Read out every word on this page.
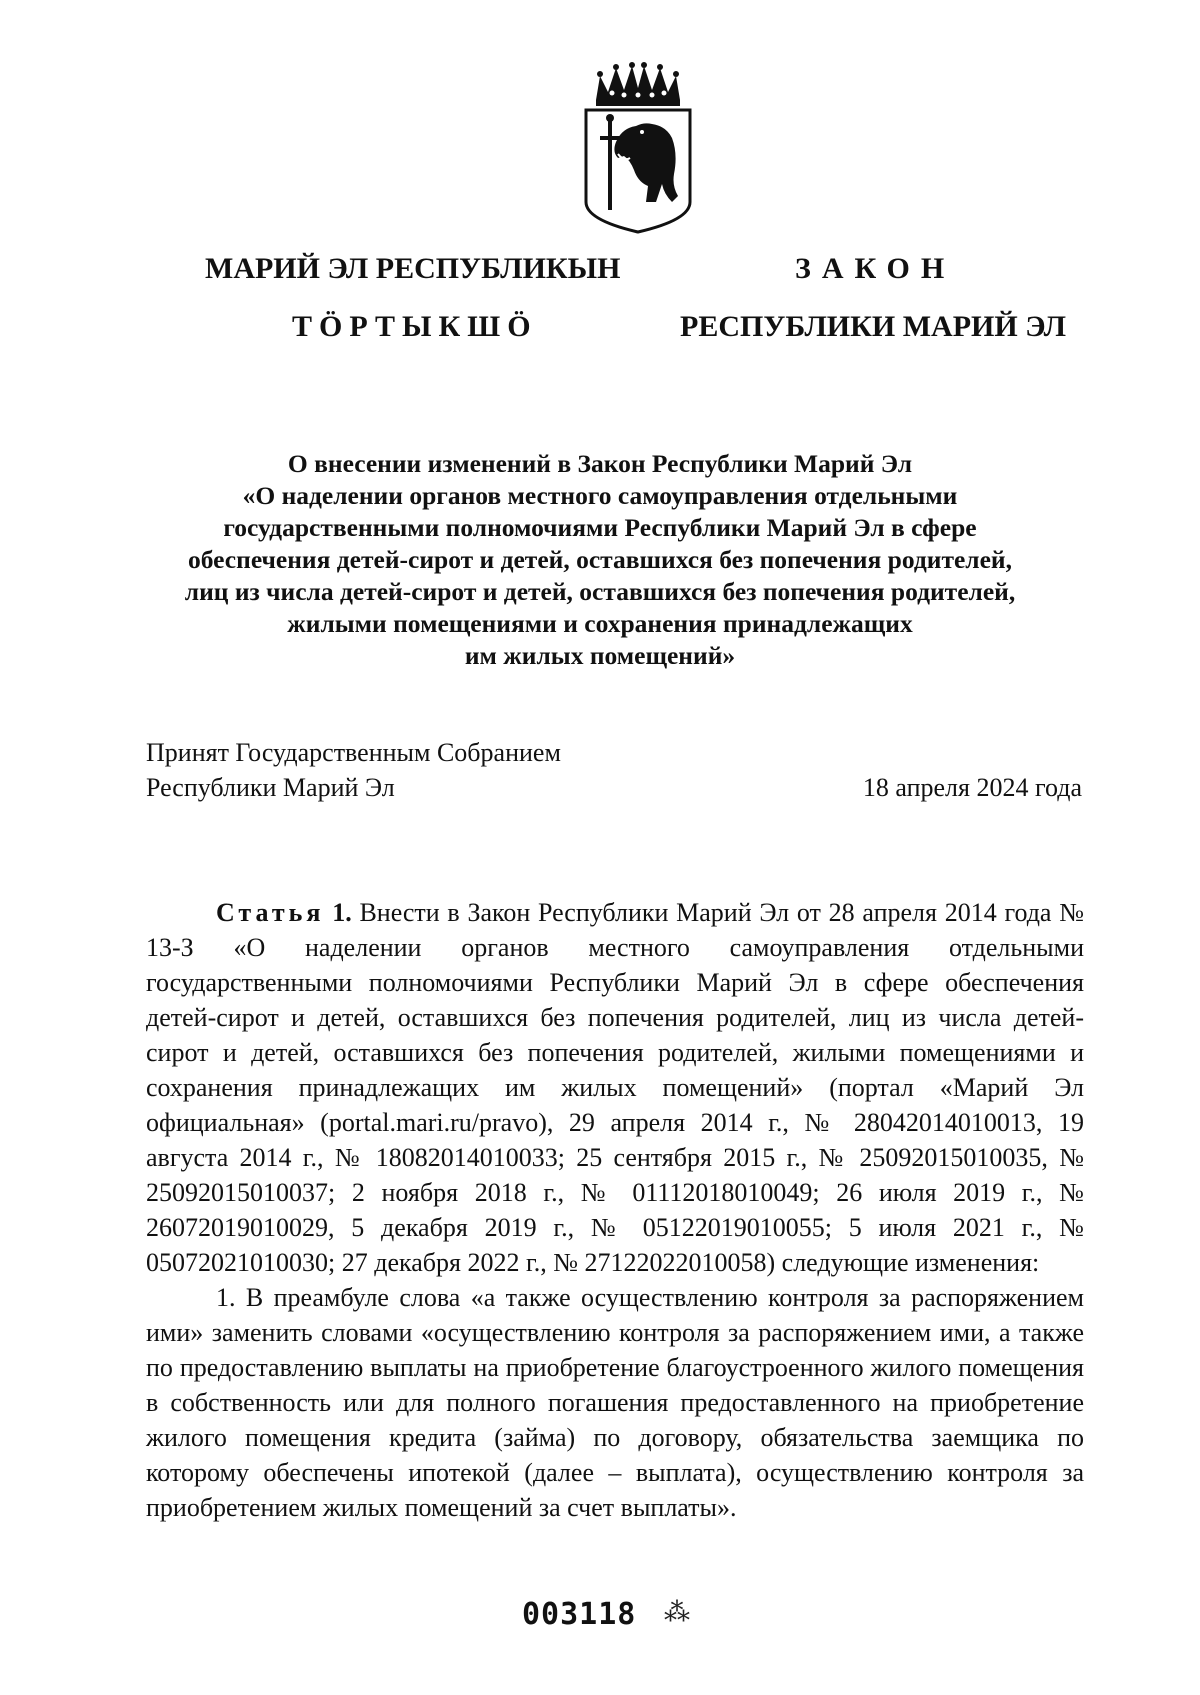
МАРИЙ ЭЛ РЕСПУБЛИКЫН
ТӦРТЫКШӦ
ЗАКОН
РЕСПУБЛИКИ МАРИЙ ЭЛ
О внесении изменений в Закон Республики Марий Эл
«О наделении органов местного самоуправления отдельными
государственными полномочиями Республики Марий Эл в сфере
обеспечения детей-сирот и детей, оставшихся без попечения родителей,
лиц из числа детей-сирот и детей, оставшихся без попечения родителей,
жилыми помещениями и сохранения принадлежащих
им жилых помещений»
Принят Государственным Собранием
Республики Марий Эл	18 апреля 2024 года

Статья 1. Внести в Закон Республики Марий Эл от 28 апреля 2014 года № 13-З «О наделении органов местного самоуправления отдельными государственными полномочиями Республики Марий Эл в сфере обеспечения детей-сирот и детей, оставшихся без попечения родителей, лиц из числа детей-сирот и детей, оставшихся без попечения родителей, жилыми помещениями и сохранения принадлежащих им жилых помещений» (портал «Марий Эл официальная» (portal.mari.ru/pravo), 29 апреля 2014 г., № 28042014010013, 19 августа 2014 г., № 18082014010033; 25 сентября 2015 г., № 25092015010035, № 25092015010037; 2 ноября 2018 г., № 01112018010049; 26 июля 2019 г., № 26072019010029, 5 декабря 2019 г., № 05122019010055; 5 июля 2021 г., № 05072021010030; 27 декабря 2022 г., № 27122022010058) следующие изменения:

1. В преамбуле слова «а также осуществлению контроля за распоряжением ими» заменить словами «осуществлению контроля за распоряжением ими, а также по предоставлению выплаты на приобретение благоустроенного жилого помещения в собственность или для полного погашения предоставленного на приобретение жилого помещения кредита (займа) по договору, обязательства заемщика по которому обеспечены ипотекой (далее – выплата), осуществлению контроля за приобретением жилых помещений за счет выплаты».

003118 ⁂
